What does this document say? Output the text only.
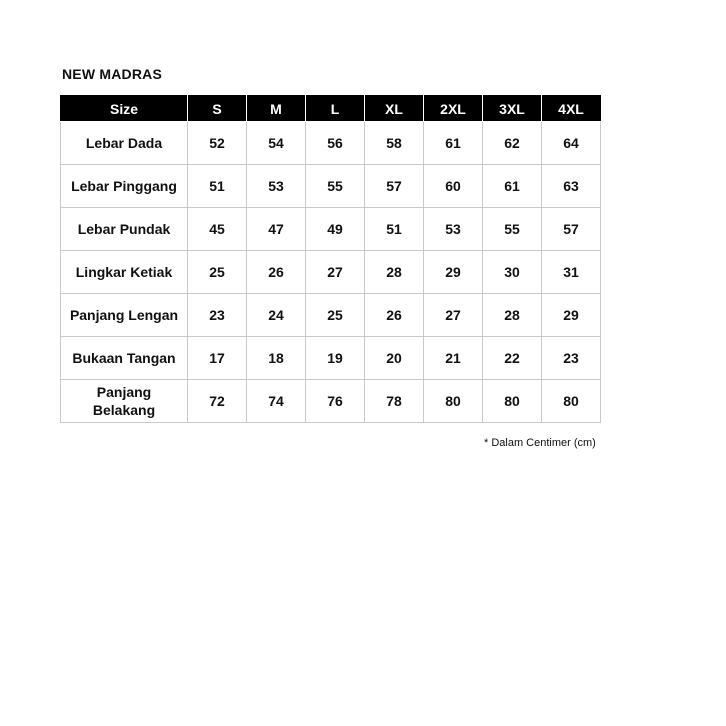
NEW MADRAS
Size	S	M	L	XL	2XL	3XL	4XL
Lebar Dada	52	54	56	58	61	62	64
Lebar Pinggang	51	53	55	57	60	61	63
Lebar Pundak	45	47	49	51	53	55	57
Lingkar Ketiak	25	26	27	28	29	30	31
Panjang Lengan	23	24	25	26	27	28	29
Bukaan Tangan	17	18	19	20	21	22	23
Panjang Belakang	72	74	76	78	80	80	80
* Dalam Centimer (cm)
